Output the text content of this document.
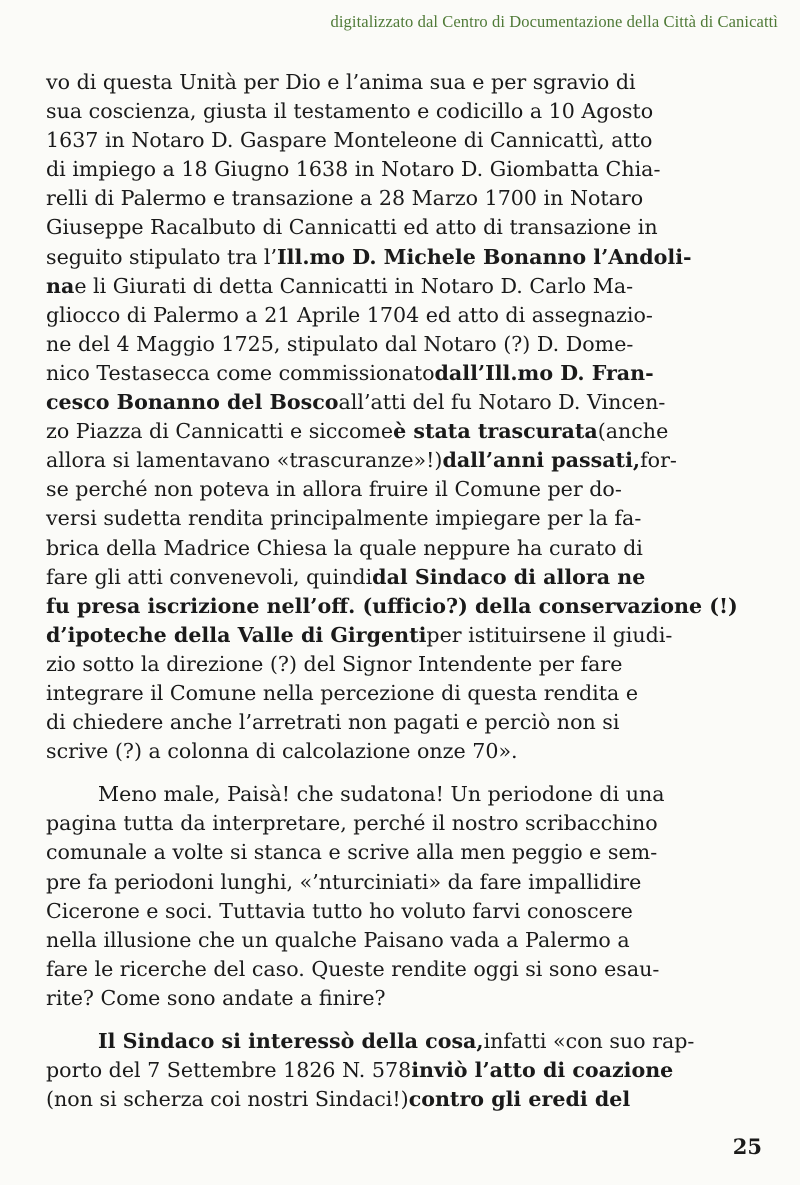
digitalizzato dal Centro di Documentazione della Città di Canicattì
vo di questa Unità per Dio e l’anima sua e per sgravio di
sua coscienza, giusta il testamento e codicillo a 10 Agosto
1637 in Notaro D. Gaspare Monteleone di Cannicattì, atto
di impiego a 18 Giugno 1638 in Notaro D. Giombatta Chia-
relli di Palermo e transazione a 28 Marzo 1700 in Notaro
Giuseppe Racalbuto di Cannicatti ed atto di transazione in
seguito stipulato tra l’Ill.mo D. Michele Bonanno l’Andoli-
nae li Giurati di detta Cannicatti in Notaro D. Carlo Ma-
gliocco di Palermo a 21 Aprile 1704 ed atto di assegnazio-
ne del 4 Maggio 1725, stipulato dal Notaro (?) D. Dome-
nico Testasecca come commissionatodall’Ill.mo D. Fran-
cesco Bonanno del Boscoall’atti del fu Notaro D. Vincen-
zo Piazza di Cannicatti e siccomeè stata trascurata(anche
allora si lamentavano «trascuranze»!)dall’anni passati,for-
se perché non poteva in allora fruire il Comune per do-
versi sudetta rendita principalmente impiegare per la fa-
brica della Madrice Chiesa la quale neppure ha curato di
fare gli atti convenevoli, quindidal Sindaco di allora ne
fu presa iscrizione nell’off. (ufficio?) della conservazione (!)
d’ipoteche della Valle di Girgentiper istituirsene il giudi-
zio sotto la direzione (?) del Signor Intendente per fare
integrare il Comune nella percezione di questa rendita e
di chiedere anche l’arretrati non pagati e perciò non si
scrive (?) a colonna di calcolazione onze 70».
Meno male, Paisà! che sudatona! Un periodone di una
pagina tutta da interpretare, perché il nostro scribacchino
comunale a volte si stanca e scrive alla men peggio e sem-
pre fa periodoni lunghi, «’nturciniati» da fare impallidire
Cicerone e soci. Tuttavia tutto ho voluto farvi conoscere
nella illusione che un qualche Paisano vada a Palermo a
fare le ricerche del caso. Queste rendite oggi si sono esau-
rite? Come sono andate a finire?
Il Sindaco si interessò della cosa,infatti «con suo rap-
porto del 7 Settembre 1826 N. 578inviò l’atto di coazione
(non si scherza coi nostri Sindaci!)contro gli eredi del
25
